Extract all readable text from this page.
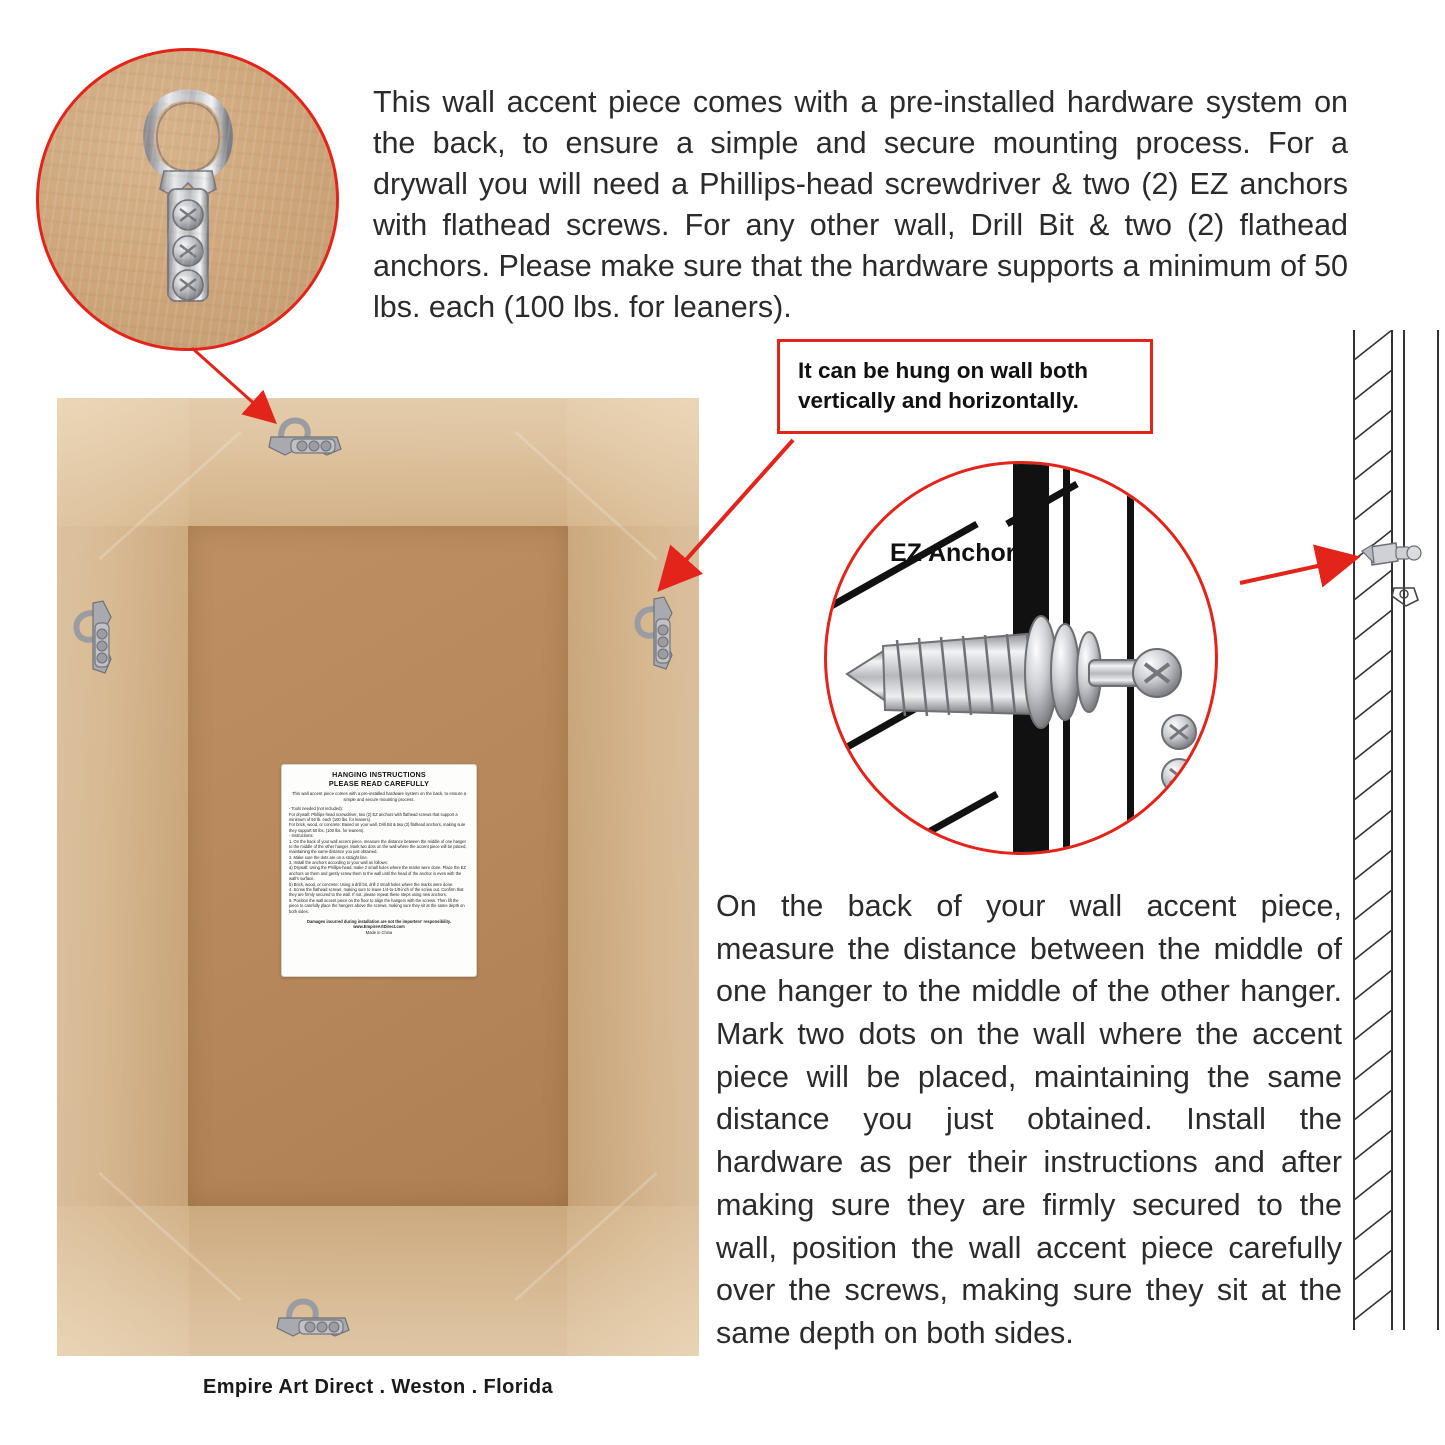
This wall accent piece comes with a pre-installed hardware system on the back, to ensure a simple and secure mounting process. For a drywall you will need a Phillips-head screwdriver & two (2) EZ anchors with flathead screws. For any other wall, Drill Bit & two (2) flathead anchors. Please make sure that the hardware supports a minimum of 50 lbs. each (100 lbs. for leaners).
HANGING INSTRUCTIONS
PLEASE READ CAREFULLY
This wall accent piece comes with a pre-installed hardware system on the back, to ensure a simple and secure mounting process.
- Tools needed (not included):
For drywall: Phillips-head screwdriver, two (2) EZ anchors with flathead screws that support a minimum of 50 lb. each (100 lbs. for leaners).
For brick, wood, or concrete: Based on your wall, Drill Bit & two (2) flathead anchors, making sure they support 50 lbs. (100 lbs. for leaners).
- Instructions:
1. On the back of your wall accent piece, measure the distance between the middle of one hanger to the middle of the other hanger. Mark two dots on the wall where the accent piece will be placed, maintaining the same distance you just obtained.
2. Make sure the dots are on a straight line.
3. Install the anchors according to your wall as follows:
a) Drywall: Using the Phillips-head, make 2 small holes where the marks were done. Place the EZ anchors on them and gently screw them to the wall until the head of the anchor is even with the wall's surface.
b) Brick, wood, or concrete: Using a drill bit, drill 2 small holes where the marks were done.
4. Screw the flathead screws, making sure to leave 1/4-to-1/8-inch of the screw out. Confirm that they are firmly secured to the wall. If not, please repeat these steps using new anchors.
5. Position the wall accent piece on the floor to align the hangers with the screws. Then lift the piece to carefully place the hangers above the screws, making sure they sit at the same depth on both sides.
Damages incurred during installation are not the importers' responsibility.
www.EmpireArtDirect.com
Made in China
Empire Art Direct . Weston . Florida
It can be hung on wall both vertically and horizontally.
EZ Anchor
On the back of your wall accent piece, measure the distance between the middle of one hanger to the middle of the other hanger. Mark two dots on the wall where the accent piece will be placed, maintaining the same distance you just obtained. Install the hardware as per their instructions and after making sure they are firmly secured to the wall, position the wall accent piece carefully over the screws, making sure they sit at the same depth on both sides.
